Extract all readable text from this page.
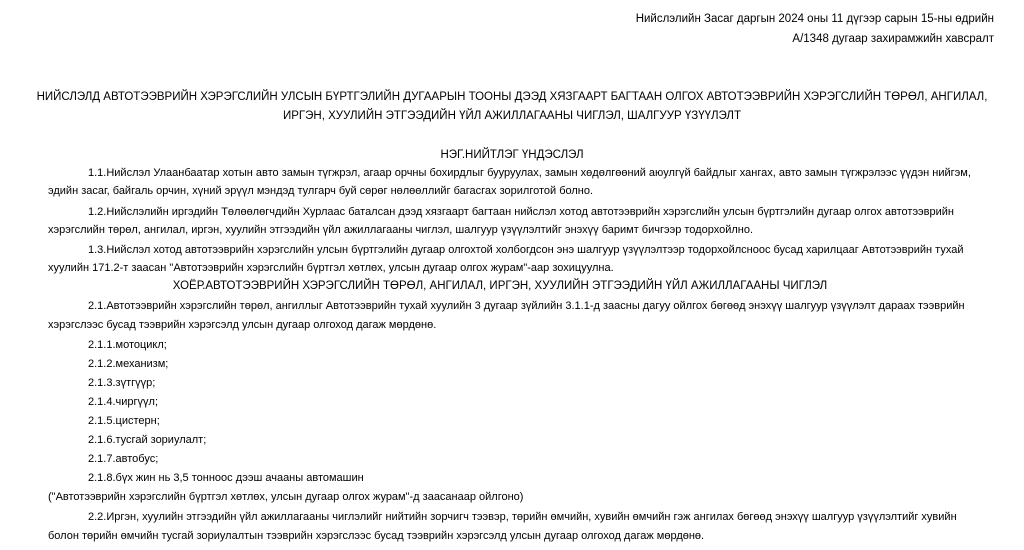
Нийслэлийн Засаг даргын 2024 оны 11 дүгээр сарын 15-ны өдрийн

А/1348 дугаар захирамжийн хавсралт

НИЙСЛЭЛД АВТОТЭЭВРИЙН ХЭРЭГСЛИЙН УЛСЫН БҮРТГЭЛИЙН ДУГААРЫН ТООНЫ ДЭЭД ХЯЗГААРТ БАГТААН ОЛГОХ АВТОТЭЭВРИЙН ХЭРЭГСЛИЙН ТӨРӨЛ, АНГИЛАЛ,

ИРГЭН, ХУУЛИЙН ЭТГЭЭДИЙН ҮЙЛ АЖИЛЛАГААНЫ ЧИГЛЭЛ, ШАЛГУУР ҮЗҮҮЛЭЛТ

НЭГ.НИЙТЛЭГ ҮНДЭСЛЭЛ

1.1.Нийслэл Улаанбаатар хотын авто замын түгжрэл, агаар орчны бохирдлыг бууруулах, замын хөдөлгөөний аюулгүй байдлыг хангах, авто замын түгжрэлээс үүдэн нийгэм,

эдийн засаг, байгаль орчин, хүний эрүүл мэндэд тулгарч буй сөрөг нөлөөллийг багасгах зорилготой болно.

1.2.Нийслэлийн иргэдийн Төлөөлөгчдийн Хурлаас баталсан дээд хязгаарт багтаан нийслэл хотод автотээврийн хэрэгслийн улсын бүртгэлийн дугаар олгох автотээврийн

хэрэгслийн төрөл, ангилал, иргэн, хуулийн этгээдийн үйл ажиллагааны чиглэл, шалгуур үзүүлэлтийг энэхүү баримт бичгээр тодорхойлно.

1.3.Нийслэл хотод автотээврийн хэрэгслийн улсын бүртгэлийн дугаар олгохтой холбогдсон энэ шалгуур үзүүлэлтээр тодорхойлсноос бусад харилцааг Автотээврийн тухай

хуулийн 171.2-т заасан "Автотээврийн хэрэгслийн бүртгэл хөтлөх, улсын дугаар олгох журам"-аар зохицуулна.

ХОЁР.АВТОТЭЭВРИЙН ХЭРЭГСЛИЙН ТӨРӨЛ, АНГИЛАЛ, ИРГЭН, ХУУЛИЙН ЭТГЭЭДИЙН ҮЙЛ АЖИЛЛАГААНЫ ЧИГЛЭЛ

2.1.Автотээврийн хэрэгслийн төрөл, ангиллыг Автотээврийн тухай хуулийн 3 дугаар зүйлийн 3.1.1-д заасны дагуу ойлгох бөгөөд энэхүү шалгуур үзүүлэлт дараах тээврийн

хэрэгслээс бусад тээврийн хэрэгсэлд улсын дугаар олгоход дагаж мөрдөнө.

2.1.1.мотоцикл;

2.1.2.механизм;

2.1.3.зүтгүүр;

2.1.4.чиргүүл;

2.1.5.цистерн;

2.1.6.тусгай зориулалт;

2.1.7.автобус;

2.1.8.бүх жин нь 3,5 тонноос дээш ачааны автомашин

("Автотээврийн хэрэгслийн бүртгэл хөтлөх, улсын дугаар олгох журам"-д заасанаар ойлгоно)

2.2.Иргэн, хуулийн этгээдийн үйл ажиллагааны чиглэлийг нийтийн зорчигч тээвэр, төрийн өмчийн, хувийн өмчийн гэж ангилах бөгөөд энэхүү шалгуур үзүүлэлтийг хувийн

болон төрийн өмчийн тусгай зориулалтын тээврийн хэрэгслээс бусад тээврийн хэрэгсэлд улсын дугаар олгоход дагаж мөрдөнө.
